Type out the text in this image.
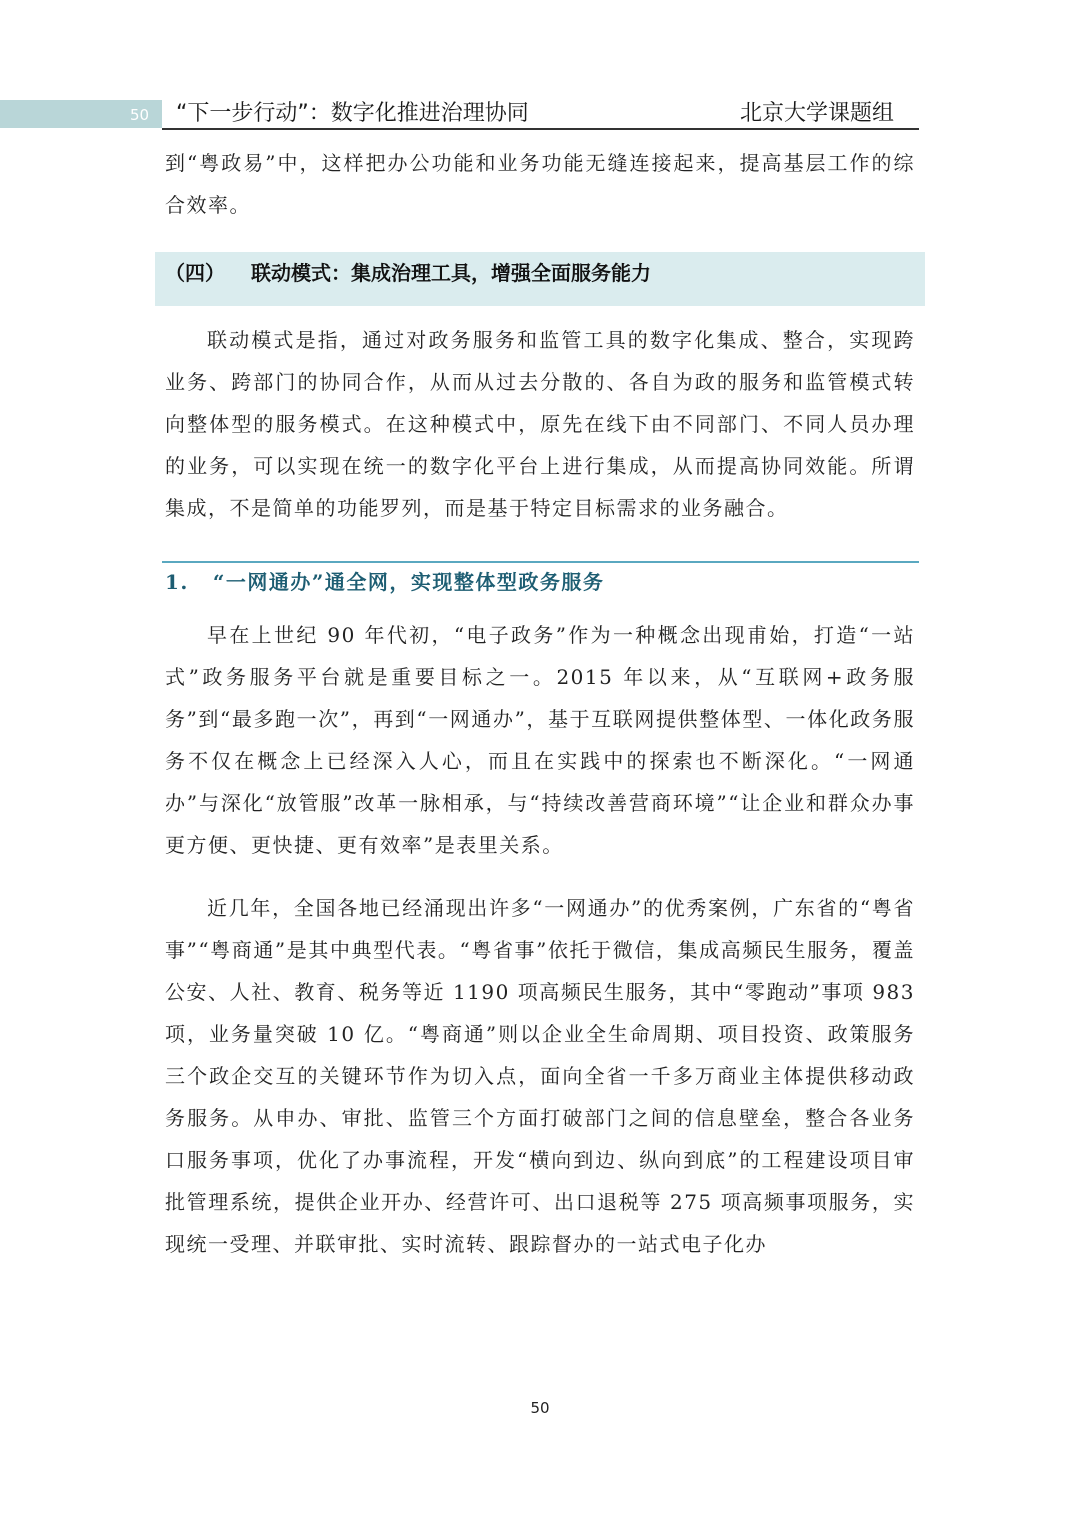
50 “下一步行动”：数字化推进治理协同	北京大学课题组
到“粤政易”中，这样把办公功能和业务功能无缝连接起来，提高基层工作的综合效率。
（四） 联动模式：集成治理工具，增强全面服务能力
联动模式是指，通过对政务服务和监管工具的数字化集成、整合，实现跨业务、跨部门的协同合作，从而从过去分散的、各自为政的服务和监管模式转向整体型的服务模式。在这种模式中，原先在线下由不同部门、不同人员办理的业务，可以实现在统一的数字化平台上进行集成，从而提高协同效能。所谓集成，不是简单的功能罗列，而是基于特定目标需求的业务融合。
1. “一网通办”通全网，实现整体型政务服务
早在上世纪 90 年代初，“电子政务”作为一种概念出现甫始，打造“一站式”政务服务平台就是重要目标之一。2015 年以来，从“互联网+政务服务”到“最多跑一次”，再到“一网通办”，基于互联网提供整体型、一体化政务服务不仅在概念上已经深入人心，而且在实践中的探索也不断深化。“一网通办”与深化“放管服”改革一脉相承，与“持续改善营商环境”“让企业和群众办事更方便、更快捷、更有效率”是表里关系。
近几年，全国各地已经涌现出许多“一网通办”的优秀案例，广东省的“粤省事”“粤商通”是其中典型代表。“粤省事”依托于微信，集成高频民生服务，覆盖公安、人社、教育、税务等近 1190 项高频民生服务，其中“零跑动”事项 983 项，业务量突破 10 亿。“粤商通”则以企业全生命周期、项目投资、政策服务三个政企交互的关键环节作为切入点，面向全省一千多万商业主体提供移动政务服务。从申办、审批、监管三个方面打破部门之间的信息壁垒，整合各业务口服务事项，优化了办事流程，开发“横向到边、纵向到底”的工程建设项目审批管理系统，提供企业开办、经营许可、出口退税等 275 项高频事项服务，实现统一受理、并联审批、实时流转、跟踪督办的一站式电子化办
50
